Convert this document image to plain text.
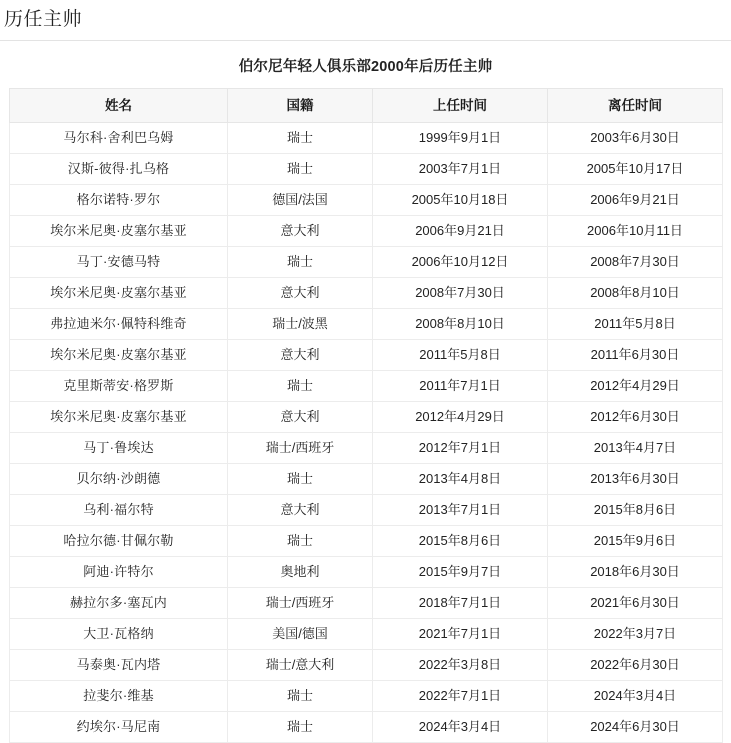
历任主帅
伯尔尼年轻人俱乐部2000年后历任主帅
姓名	国籍	上任时间	离任时间
马尔科·舍利巴乌姆	瑞士	1999年9月1日	2003年6月30日
汉斯-彼得·扎乌格	瑞士	2003年7月1日	2005年10月17日
格尔诺特·罗尔	德国/法国	2005年10月18日	2006年9月21日
埃尔米尼奥·皮塞尔基亚	意大利	2006年9月21日	2006年10月11日
马丁·安德马特	瑞士	2006年10月12日	2008年7月30日
埃尔米尼奥·皮塞尔基亚	意大利	2008年7月30日	2008年8月10日
弗拉迪米尔·佩特科维奇	瑞士/波黑	2008年8月10日	2011年5月8日
埃尔米尼奥·皮塞尔基亚	意大利	2011年5月8日	2011年6月30日
克里斯蒂安·格罗斯	瑞士	2011年7月1日	2012年4月29日
埃尔米尼奥·皮塞尔基亚	意大利	2012年4月29日	2012年6月30日
马丁·鲁埃达	瑞士/西班牙	2012年7月1日	2013年4月7日
贝尔纳·沙朗德	瑞士	2013年4月8日	2013年6月30日
乌利·福尔特	意大利	2013年7月1日	2015年8月6日
哈拉尔德·甘佩尔勒	瑞士	2015年8月6日	2015年9月6日
阿迪·许特尔	奥地利	2015年9月7日	2018年6月30日
赫拉尔多·塞瓦内	瑞士/西班牙	2018年7月1日	2021年6月30日
大卫·瓦格纳	美国/德国	2021年7月1日	2022年3月7日
马泰奥·瓦内塔	瑞士/意大利	2022年3月8日	2022年6月30日
拉斐尔·维基	瑞士	2022年7月1日	2024年3月4日
约埃尔·马尼南	瑞士	2024年3月4日	2024年6月30日
